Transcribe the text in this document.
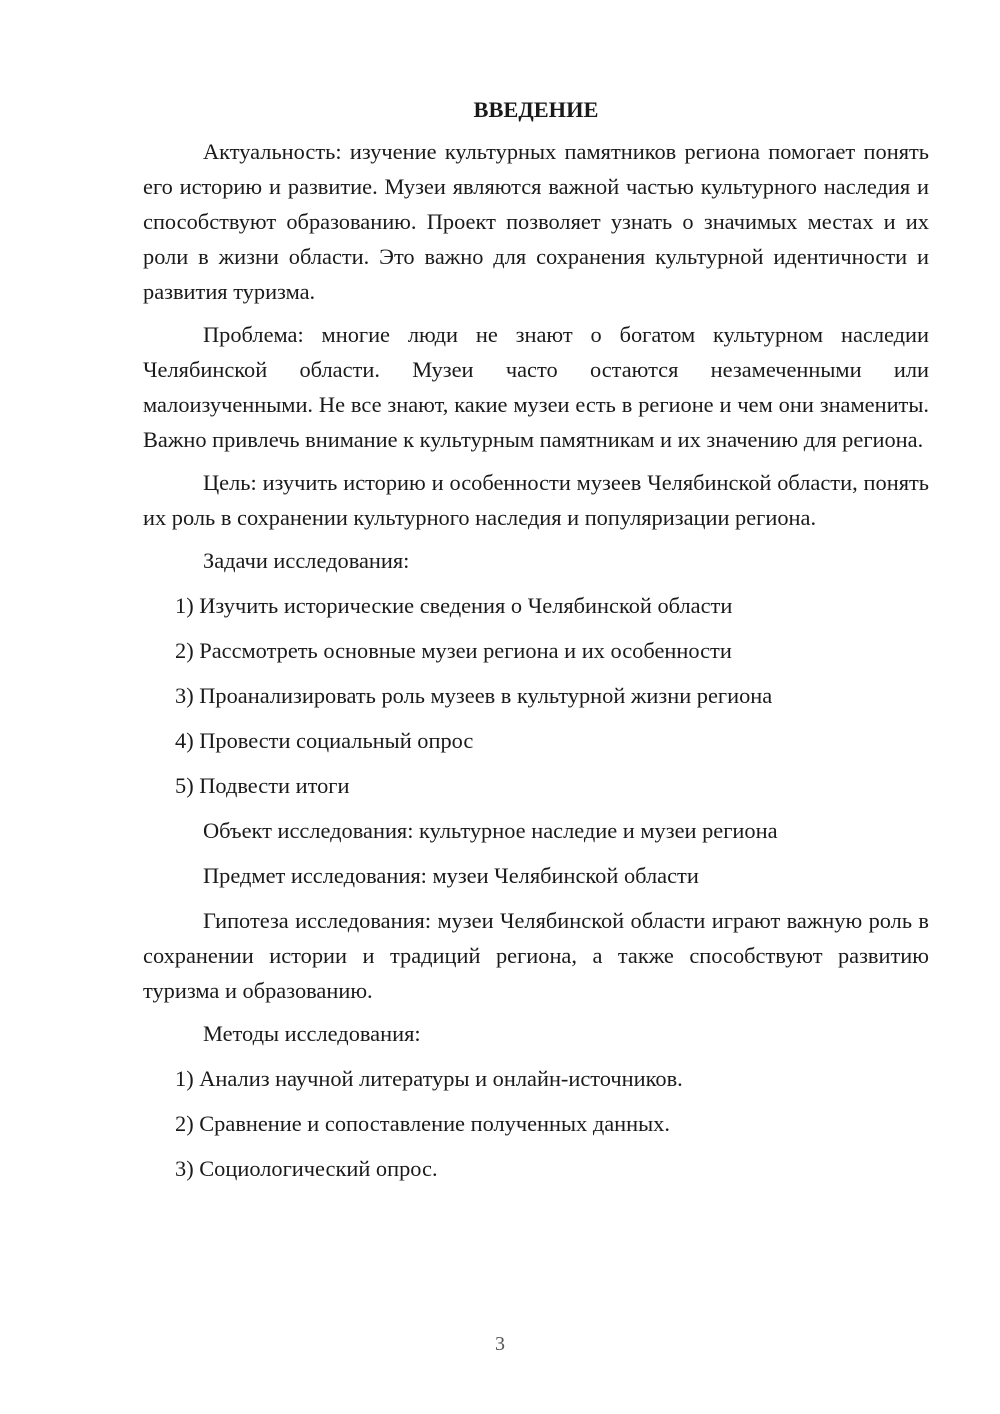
ВВЕДЕНИЕ

Актуальность: изучение культурных памятников региона помогает понять его историю и развитие. Музеи являются важной частью культурного наследия и способствуют образованию. Проект позволяет узнать о значимых местах и их роли в жизни области. Это важно для сохранения культурной идентичности и развития туризма.

Проблема: многие люди не знают о богатом культурном наследии Челябинской области. Музеи часто остаются незамеченными или малоизученными. Не все знают, какие музеи есть в регионе и чем они знамениты. Важно привлечь внимание к культурным памятникам и их значению для региона.

Цель: изучить историю и особенности музеев Челябинской области, понять их роль в сохранении культурного наследия и популяризации региона.

Задачи исследования:
1) Изучить исторические сведения о Челябинской области
2) Рассмотреть основные музеи региона и их особенности
3) Проанализировать роль музеев в культурной жизни региона
4) Провести социальный опрос
5) Подвести итоги
Объект исследования: культурное наследие и музеи региона
Предмет исследования: музеи Челябинской области

Гипотеза исследования: музеи Челябинской области играют важную роль в сохранении истории и традиций региона, а также способствуют развитию туризма и образованию.

Методы исследования:
1) Анализ научной литературы и онлайн-источников.
2) Сравнение и сопоставление полученных данных.
3) Социологический опрос.
3
